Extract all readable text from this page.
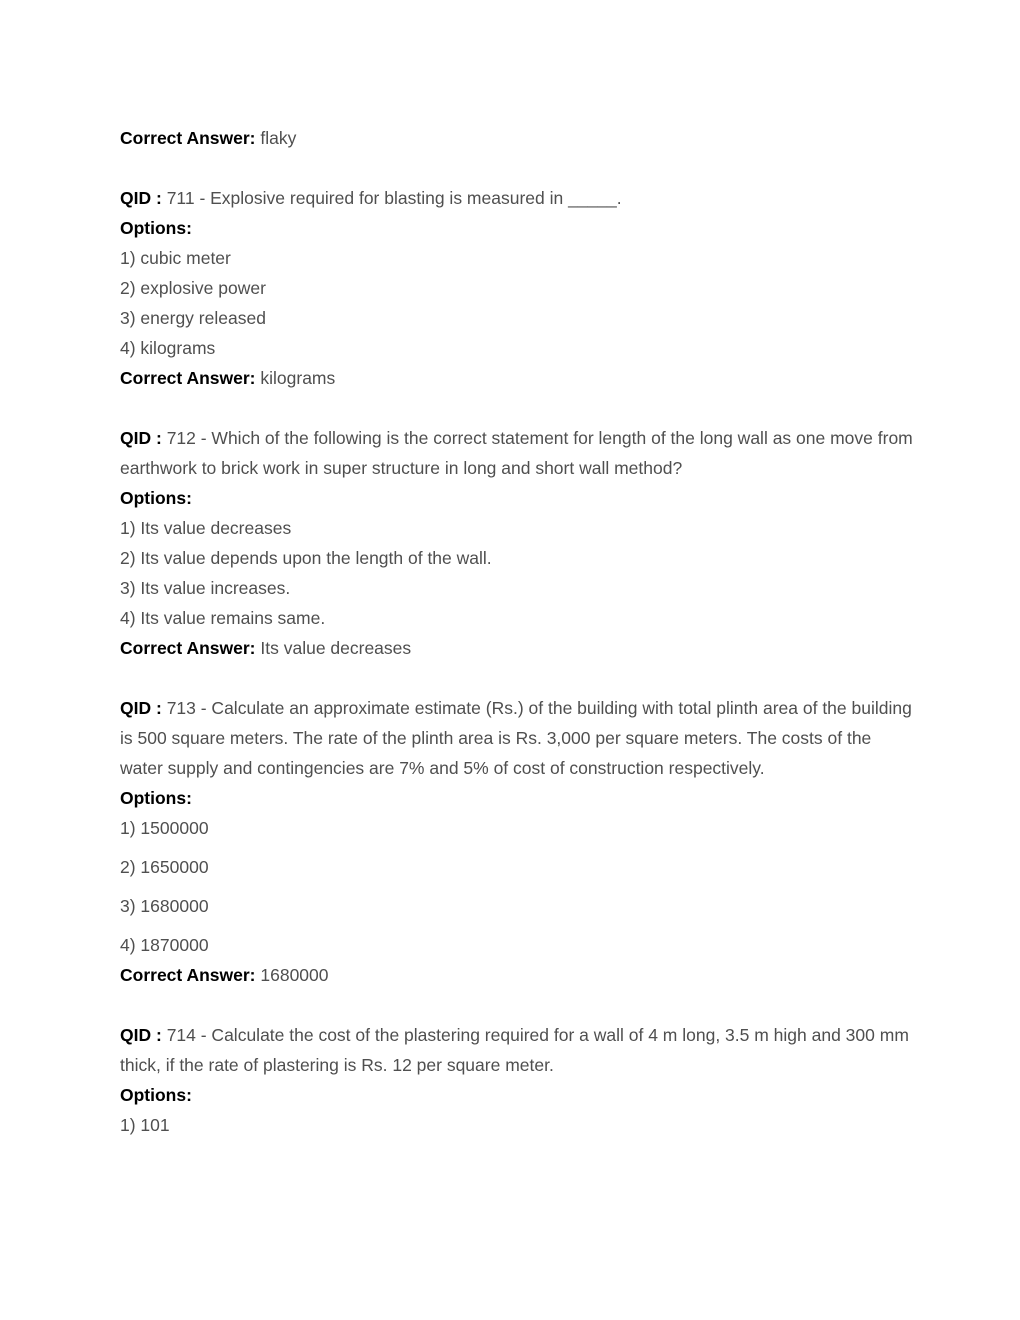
Correct Answer: flaky
QID : 711 - Explosive required for blasting is measured in _____.
Options:
1) cubic meter
2) explosive power
3) energy released
4) kilograms
Correct Answer: kilograms
QID : 712 - Which of the following is the correct statement for length of the long wall as one move from earthwork to brick work in super structure in long and short wall method?
Options:
1) Its value decreases
2) Its value depends upon the length of the wall.
3) Its value increases.
4) Its value remains same.
Correct Answer: Its value decreases
QID : 713 - Calculate an approximate estimate (Rs.) of the building with total plinth area of the building is 500 square meters. The rate of the plinth area is Rs. 3,000 per square meters. The costs of the water supply and contingencies are 7% and 5% of cost of construction respectively.
Options:
1) 1500000
2) 1650000
3) 1680000
4) 1870000
Correct Answer: 1680000
QID : 714 - Calculate the cost of the plastering required for a wall of 4 m long, 3.5 m high and 300 mm thick, if the rate of plastering is Rs. 12 per square meter.
Options:
1) 101
